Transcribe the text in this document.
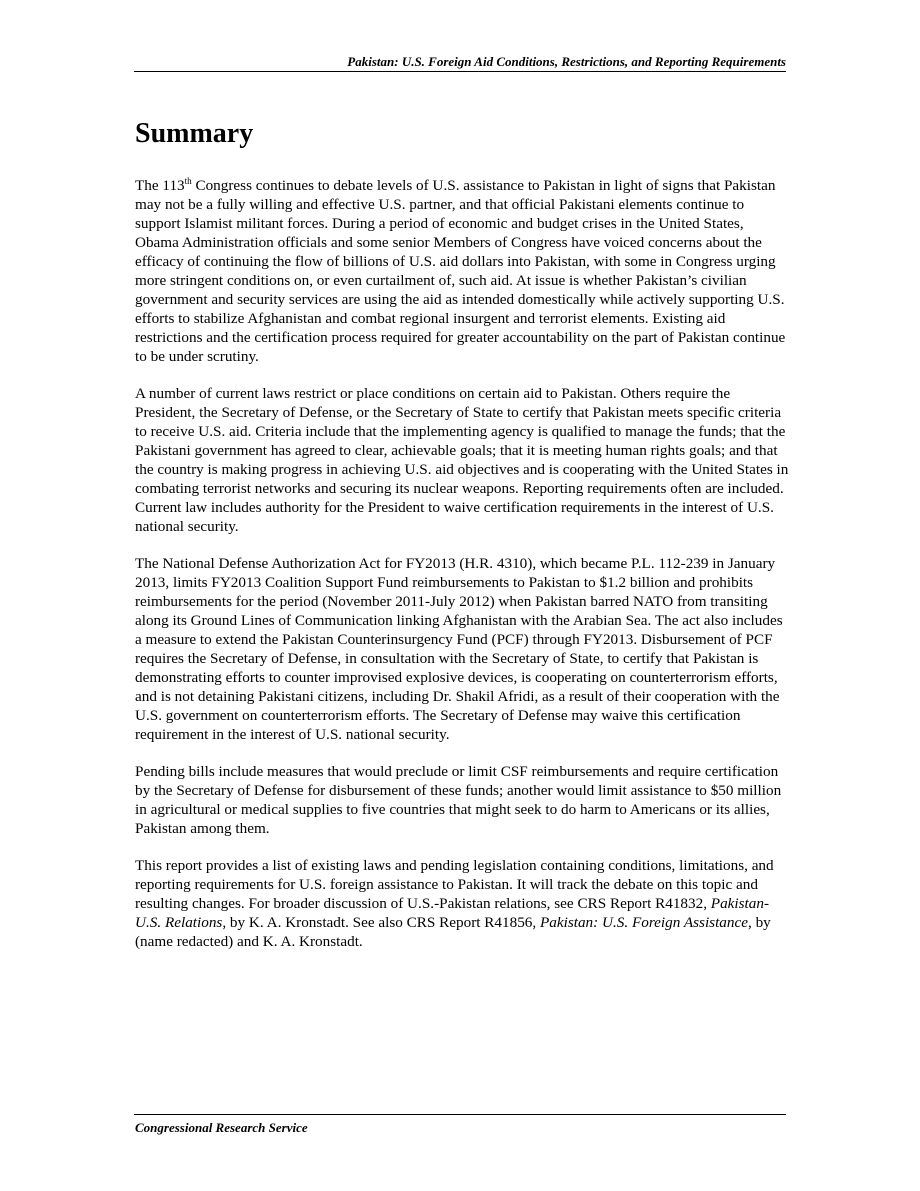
Pakistan: U.S. Foreign Aid Conditions, Restrictions, and Reporting Requirements
Summary

The 113th Congress continues to debate levels of U.S. assistance to Pakistan in light of signs that Pakistan may not be a fully willing and effective U.S. partner, and that official Pakistani elements continue to support Islamist militant forces. During a period of economic and budget crises in the United States, Obama Administration officials and some senior Members of Congress have voiced concerns about the efficacy of continuing the flow of billions of U.S. aid dollars into Pakistan, with some in Congress urging more stringent conditions on, or even curtailment of, such aid. At issue is whether Pakistan’s civilian government and security services are using the aid as intended domestically while actively supporting U.S. efforts to stabilize Afghanistan and combat regional insurgent and terrorist elements. Existing aid restrictions and the certification process required for greater accountability on the part of Pakistan continue to be under scrutiny.

A number of current laws restrict or place conditions on certain aid to Pakistan. Others require the President, the Secretary of Defense, or the Secretary of State to certify that Pakistan meets specific criteria to receive U.S. aid. Criteria include that the implementing agency is qualified to manage the funds; that the Pakistani government has agreed to clear, achievable goals; that it is meeting human rights goals; and that the country is making progress in achieving U.S. aid objectives and is cooperating with the United States in combating terrorist networks and securing its nuclear weapons. Reporting requirements often are included. Current law includes authority for the President to waive certification requirements in the interest of U.S. national security.

The National Defense Authorization Act for FY2013 (H.R. 4310), which became P.L. 112-239 in January 2013, limits FY2013 Coalition Support Fund reimbursements to Pakistan to $1.2 billion and prohibits reimbursements for the period (November 2011-July 2012) when Pakistan barred NATO from transiting along its Ground Lines of Communication linking Afghanistan with the Arabian Sea. The act also includes a measure to extend the Pakistan Counterinsurgency Fund (PCF) through FY2013. Disbursement of PCF requires the Secretary of Defense, in consultation with the Secretary of State, to certify that Pakistan is demonstrating efforts to counter improvised explosive devices, is cooperating on counterterrorism efforts, and is not detaining Pakistani citizens, including Dr. Shakil Afridi, as a result of their cooperation with the U.S. government on counterterrorism efforts. The Secretary of Defense may waive this certification requirement in the interest of U.S. national security.

Pending bills include measures that would preclude or limit CSF reimbursements and require certification by the Secretary of Defense for disbursement of these funds; another would limit assistance to $50 million in agricultural or medical supplies to five countries that might seek to do harm to Americans or its allies, Pakistan among them.

This report provides a list of existing laws and pending legislation containing conditions, limitations, and reporting requirements for U.S. foreign assistance to Pakistan. It will track the debate on this topic and resulting changes. For broader discussion of U.S.-Pakistan relations, see CRS Report R41832, Pakistan-U.S. Relations, by K. A. Kronstadt. See also CRS Report R41856, Pakistan: U.S. Foreign Assistance, by (name redacted) and K. A. Kronstadt.

Congressional Research Service
